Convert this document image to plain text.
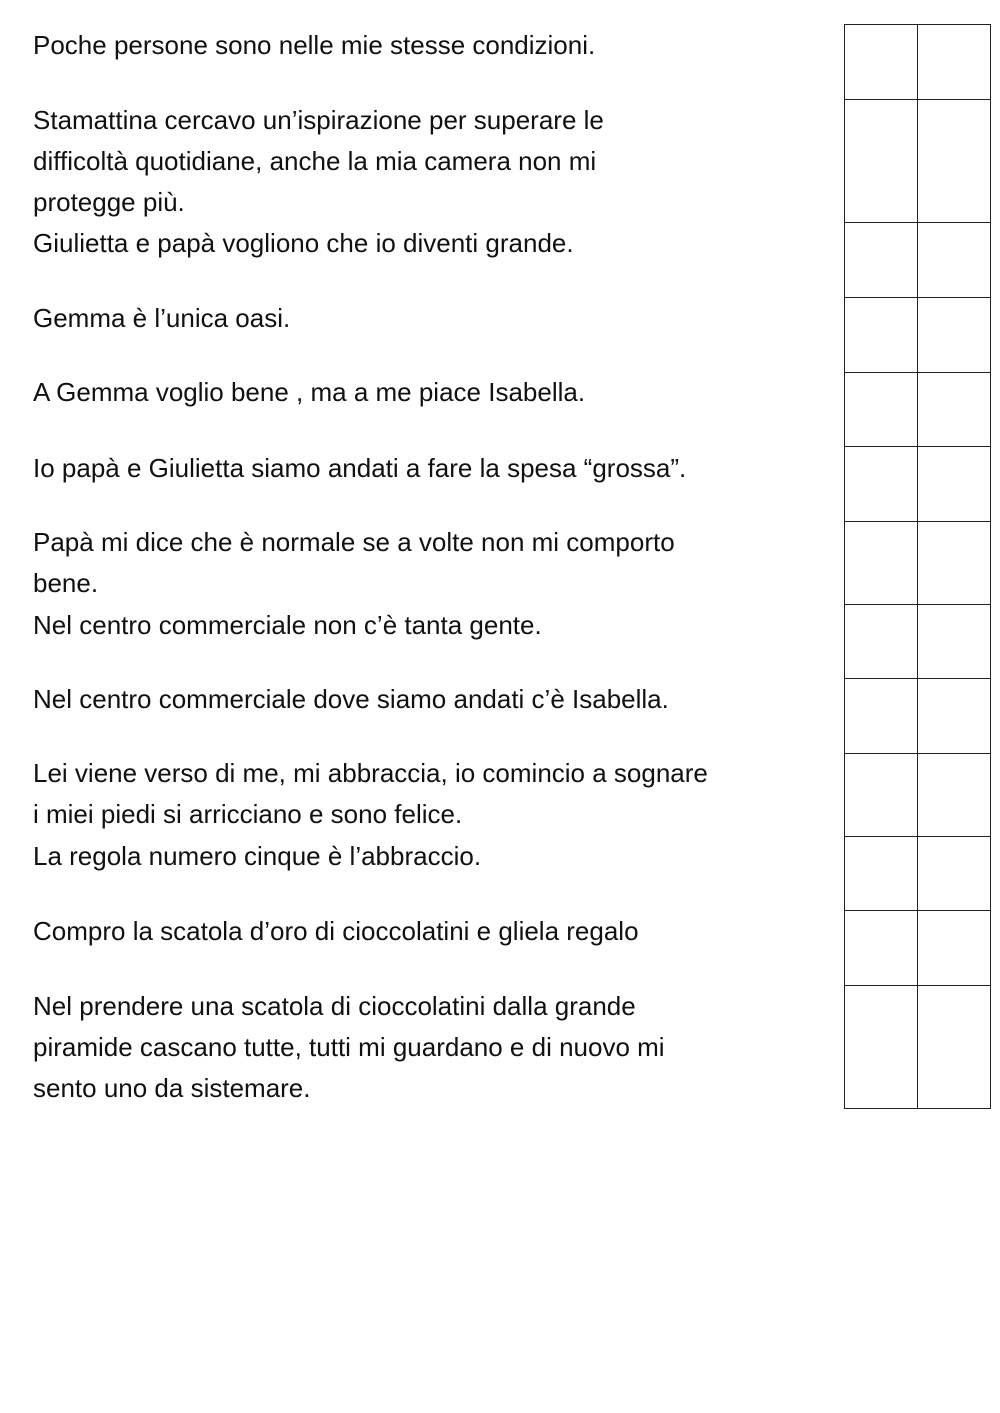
Poche persone sono nelle mie stesse condizioni.

Stamattina cercavo un’ispirazione per superare le
difficoltà quotidiane, anche la mia camera non mi
protegge più.

Giulietta e papà vogliono che io diventi grande.

Gemma è l’unica oasi.

A Gemma voglio bene , ma a me piace Isabella.

Io papà e Giulietta siamo andati a fare la spesa “grossa”.

Papà mi dice che è normale se a volte non mi comporto
bene.

Nel centro commerciale non c’è tanta gente.

Nel centro commerciale dove siamo andati c’è Isabella.

Lei viene verso di me, mi abbraccia, io comincio a sognare
i miei piedi si arricciano e sono felice.

La regola numero cinque è l’abbraccio.

Compro la scatola d’oro di cioccolatini e gliela regalo

Nel prendere una scatola di cioccolatini dalla grande
piramide cascano tutte, tutti mi guardano e di nuovo mi
sento uno da sistemare.
